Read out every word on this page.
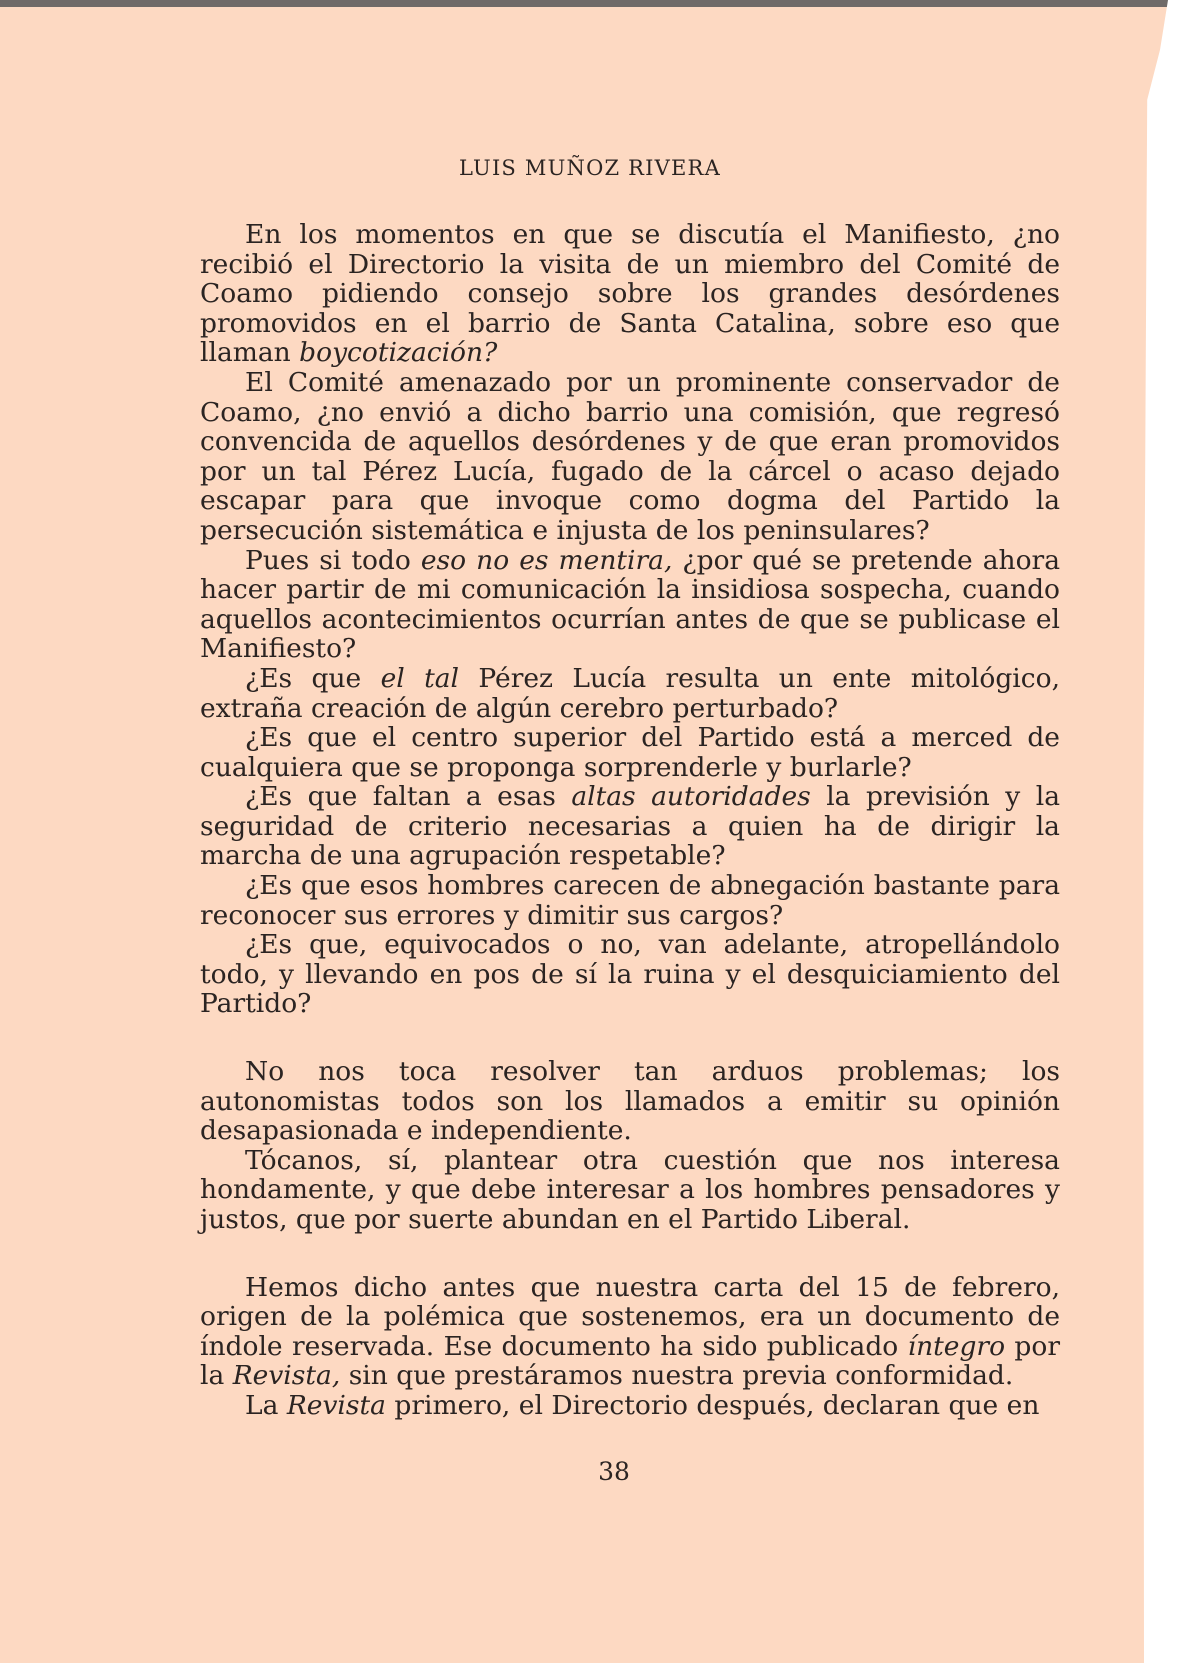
LUIS MUÑOZ RIVERA

En los momentos en que se discutía el Manifiesto, ¿no recibió el Directorio la visita de un miembro del Comité de Coamo pidiendo consejo sobre los grandes desórdenes promovidos en el barrio de Santa Catalina, sobre eso que llaman boycotización?

El Comité amenazado por un prominente conservador de Coamo, ¿no envió a dicho barrio una comisión, que regresó convencida de aquellos desórdenes y de que eran promovidos por un tal Pérez Lucía, fugado de la cárcel o acaso dejado escapar para que invoque como dogma del Partido la persecución sistemática e injusta de los peninsulares?

Pues si todo eso no es mentira, ¿por qué se pretende ahora hacer partir de mi comunicación la insidiosa sospecha, cuando aquellos acontecimientos ocurrían antes de que se publicase el Manifiesto?

¿Es que el tal Pérez Lucía resulta un ente mitológico, extraña creación de algún cerebro perturbado?

¿Es que el centro superior del Partido está a merced de cualquiera que se proponga sorprenderle y burlarle?

¿Es que faltan a esas altas autoridades la previsión y la seguridad de criterio necesarias a quien ha de dirigir la marcha de una agrupación respetable?

¿Es que esos hombres carecen de abnegación bastante para reconocer sus errores y dimitir sus cargos?

¿Es que, equivocados o no, van adelante, atropellándolo todo, y llevando en pos de sí la ruina y el desquiciamiento del Partido?

No nos toca resolver tan arduos problemas; los autonomistas todos son los llamados a emitir su opinión desapasionada e independiente.

Tócanos, sí, plantear otra cuestión que nos interesa hondamente, y que debe interesar a los hombres pensadores y justos, que por suerte abundan en el Partido Liberal.

Hemos dicho antes que nuestra carta del 15 de febrero, origen de la polémica que sostenemos, era un documento de índole reservada. Ese documento ha sido publicado íntegro por la Revista, sin que prestáramos nuestra previa conformidad.

La Revista primero, el Directorio después, declaran que en

38
